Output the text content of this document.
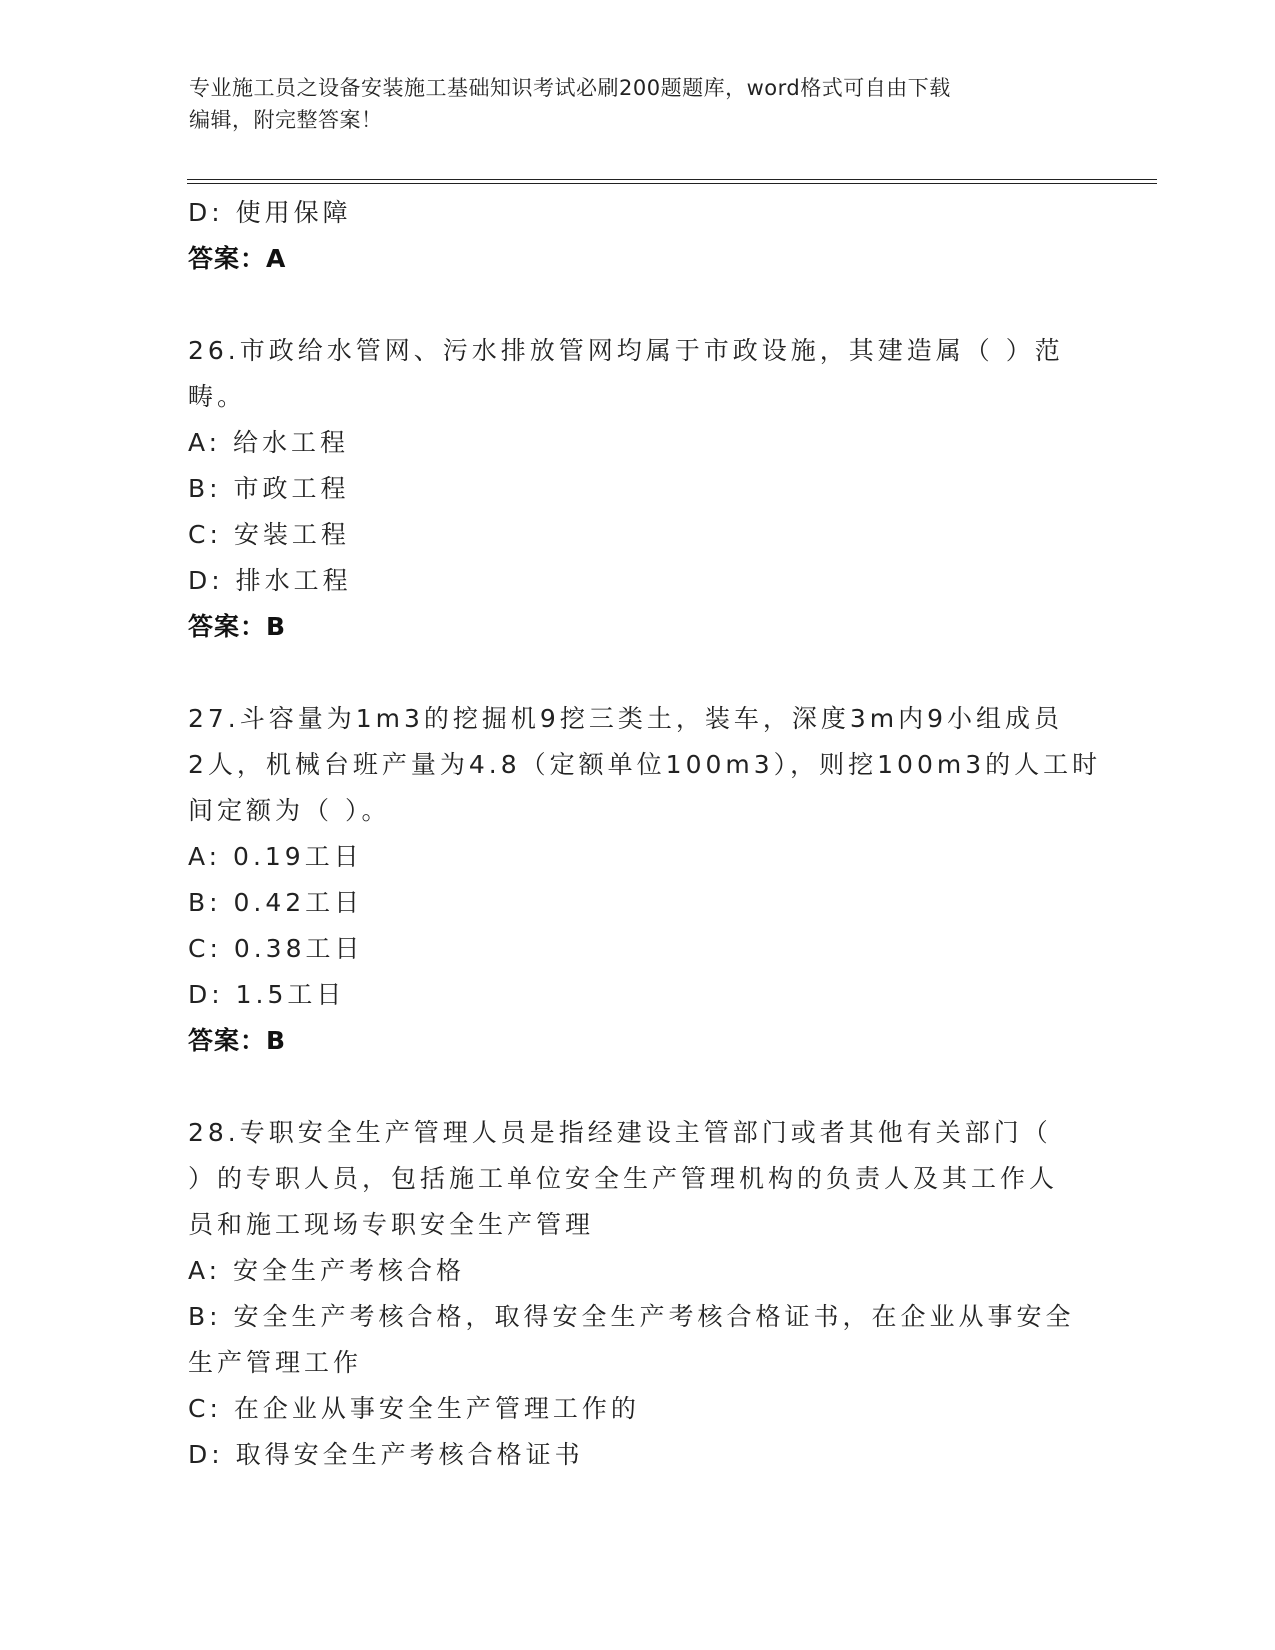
专业施工员之设备安装施工基础知识考试必刷200题题库，word格式可自由下载
编辑，附完整答案！
D: 使用保障
答案：A
26.市政给水管网、污水排放管网均属于市政设施，其建造属（ ）范
畴。
A: 给水工程
B: 市政工程
C: 安装工程
D: 排水工程
答案：B
27.斗容量为1m3的挖掘机9挖三类土，装车，深度3m内9小组成员
2人，机械台班产量为4.8（定额单位100m3），则挖100m3的人工时
间定额为（ ）。
A: 0.19工日
B: 0.42工日
C: 0.38工日
D: 1.5工日
答案：B
28.专职安全生产管理人员是指经建设主管部门或者其他有关部门（
）的专职人员，包括施工单位安全生产管理机构的负责人及其工作人
员和施工现场专职安全生产管理
A: 安全生产考核合格
B: 安全生产考核合格，取得安全生产考核合格证书，在企业从事安全
生产管理工作
C: 在企业从事安全生产管理工作的
D: 取得安全生产考核合格证书
